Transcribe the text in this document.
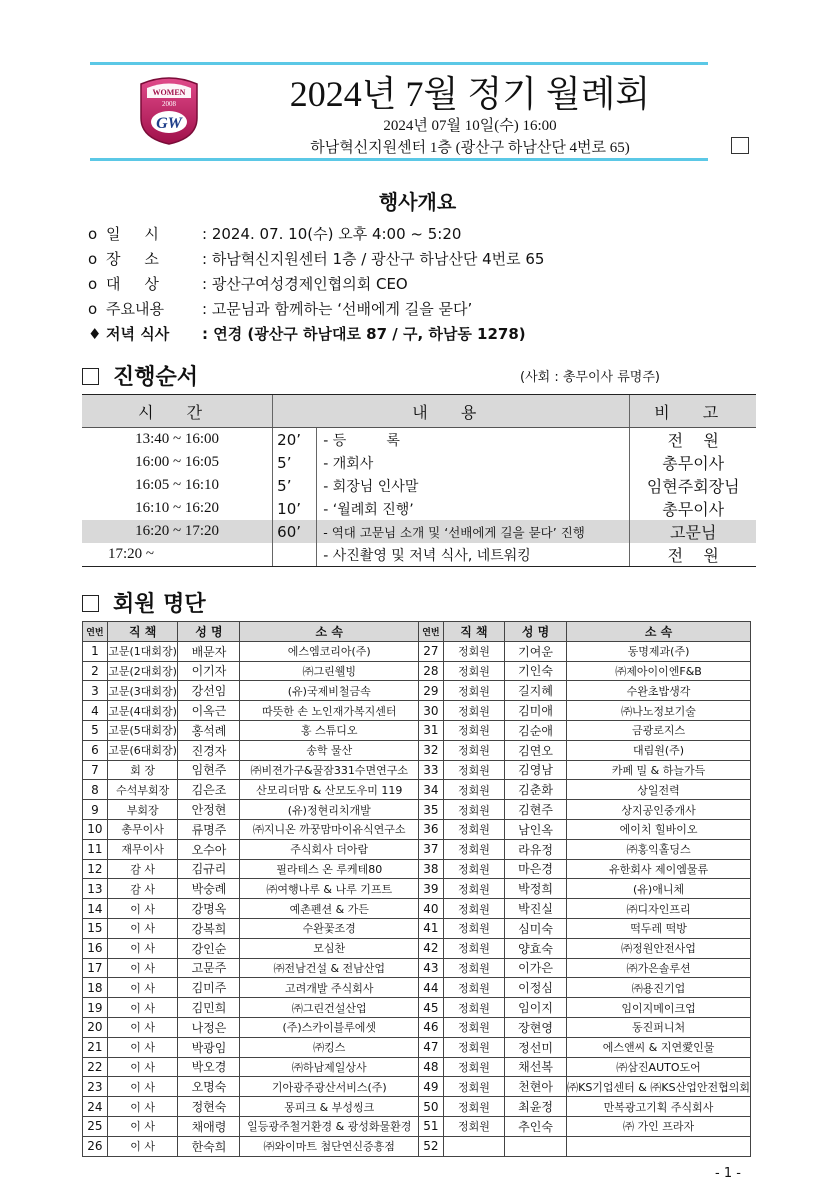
WOMEN
2008
GW
2024년 7월 정기 월례회
2024년 07월 10일(수) 16:00
하남혁신지원센터 1층 (광산구 하남산단 4번로 65)
행사개요
o 일     시	: 2024. 07. 10(수) 오후 4:00 ~ 5:20
o 장     소	: 하남혁신지원센터 1층 / 광산구 하남산단 4번로 65
o 대     상	: 광산구여성경제인협의회 CEO
o 주요내용	: 고문님과 함께하는 ‘선배에게 길을 묻다’
♦ 저녁 식사 : 연경 (광산구 하남대로 87 / 구, 하남동 1278)
진행순서	(사회 : 총무이사 류명주)
시 간	내 용		비 고
13:40 ~ 16:00	20’	- 등         록	전    원
16:00 ~ 16:05	5’	- 개회사	총무이사
16:05 ~ 16:10	5’	- 회장님 인사말	임현주회장님
16:10 ~ 16:20	10’	- ‘월례회 진행’	총무이사
16:20 ~ 17:20	60’	- 역대 고문님 소개 및 ‘선배에게 길을 묻다’ 진행	고문님
17:20 ~		- 사진촬영 및 저녁 식사, 네트워킹	전    원
회원 명단
연번	직 책	성 명	소 속	연번	직 책	성 명	소 속
1	고문(1대회장)	배문자	에스엠코리아(주)	27	정회원	기여운	동명제과(주)
2	고문(2대회장)	이기자	㈜그린웰빙	28	정회원	기인숙	㈜제아이이엔F&B
3	고문(3대회장)	강선임	(유)국제비철금속	29	정회원	길지혜	수완초밥생각
4	고문(4대회장)	이옥근	따뜻한 손 노인재가복지센터	30	정회원	김미애	㈜나노정보기술
5	고문(5대회장)	홍석례	홍 스튜디오	31	정회원	김순애	금광로지스
6	고문(6대회장)	진경자	송학 물산	32	정회원	김연오	대림원(주)
7	회 장	임현주	㈜비젼가구&꿀잠331수면연구소	33	정회원	김영남	카페 밀 & 하늘가득
8	수석부회장	김은조	산모리더맘 & 산모도우미 119	34	정회원	김춘화	상일전력
9	부회장	안정현	(유)정현리치개발	35	정회원	김현주	상지공인중개사
10	총무이사	류명주	㈜지니온 까꿍맘마이유식연구소	36	정회원	남인옥	에이치 힐바이오
11	재무이사	오수아	주식회사 더아람	37	정회원	라유정	㈜홍익홀딩스
12	감 사	김규리	필라테스 온 루케테80	38	정회원	마은경	유한회사 제이엠물류
13	감 사	박숭례	㈜여행나루 & 나루 기프트	39	정회원	박정희	(유)애니체
14	이 사	강명옥	예촌펜션 & 가든	40	정회원	박진실	㈜디자인프리
15	이 사	강복희	수완꽃조경	41	정회원	심미숙	떡두레 떡방
16	이 사	강인순	모심찬	42	정회원	양효숙	㈜정원안전사업
17	이 사	고문주	㈜전남건설 & 전남산업	43	정회원	이가은	㈜가은솔루션
18	이 사	김미주	고려개발 주식회사	44	정회원	이정심	㈜용진기업
19	이 사	김민희	㈜그린건설산업	45	정회원	임이지	임이지메이크업
20	이 사	나정은	(주)스카이블루에셋	46	정회원	장현영	동진퍼니처
21	이 사	박광임	㈜킹스	47	정회원	정선미	에스앤씨 & 지연愛인물
22	이 사	박오경	㈜하남제일상사	48	정회원	채선복	㈜삼진AUTO도어
23	이 사	오명숙	기아광주광산서비스(주)	49	정회원	천현아	㈜KS기업센터 & ㈜KS산업안전협의회
24	이 사	정현숙	몽피크 & 부성씽크	50	정회원	최윤정	만복광고기획 주식회사
25	이 사	채애령	일등광주철거환경 & 광성화물환경	51	정회원	추인숙	㈜ 가인 프라자
26	이 사	한숙희	㈜와이마트 첨단연신증흥점	52			
- 1 -
